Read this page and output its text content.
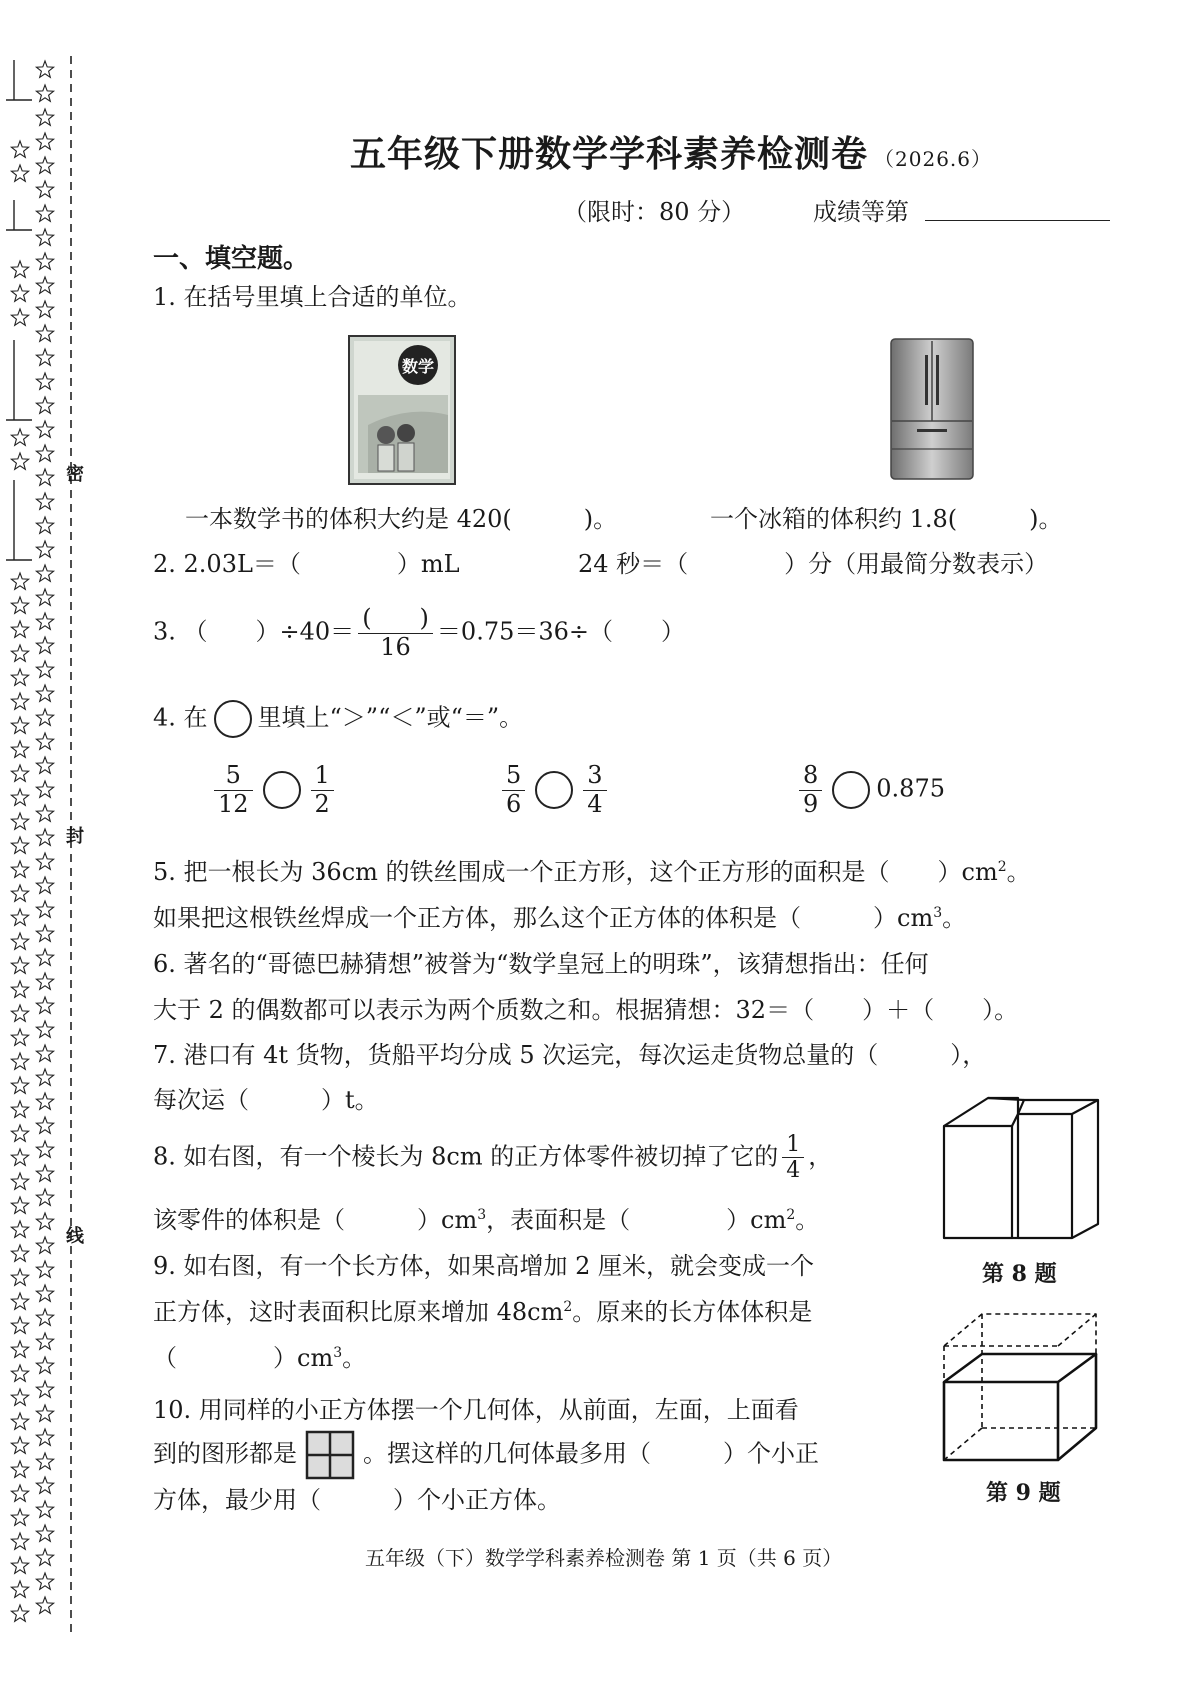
密
封
线
五年级下册数学学科素养检测卷 （2026.6）
（限时：80 分）	成绩等第
一、填空题。
1. 在括号里填上合适的单位。
数学
一本数学书的体积大约是 420(　　　)。	一个冰箱的体积约 1.8(　　　)。
2. 2.03L＝（　　　　）mL	24 秒＝（　　　　）分（用最简分数表示）
3. （　　）$\div 40= \frac{( )}{16} =0.75=36\div$（　　）
4. 在 里填上“＞”“＜”或“＝”。
$\frac{5}{12} \frac{1}{2}$	$\frac{5}{6} \frac{3}{4}$	$\frac{8}{9} 0.875$
5. 把一根长为 36cm 的铁丝围成一个正方形，这个正方形的面积是（　　）$cm^2$。
如果把这根铁丝焊成一个正方体，那么这个正方体的体积是（　　　）$cm^3$。
6. 著名的“哥德巴赫猜想”被誉为“数学皇冠上的明珠”，该猜想指出：任何
大于 2 的偶数都可以表示为两个质数之和。根据猜想：32＝（　　）＋（　　）。
7. 港口有 4t 货物，货船平均分成 5 次运完，每次运走货物总量的（　　　），
每次运（　　　）t。
8. 如右图，有一个棱长为 8cm 的正方体零件被切掉了它的 $\frac{1}{4}$ ，
该零件的体积是（　　　）$cm^3$，表面积是（　　　　）$cm^2$。
第 8 题
9. 如右图，有一个长方体，如果高增加 2 厘米，就会变成一个
正方体，这时表面积比原来增加 $48cm^2$。原来的长方体体积是
（　　　　）$cm^3$。
第 9 题
10. 用同样的小正方体摆一个几何体，从前面，左面，上面看
到的图形都是	。摆这样的几何体最多用（　　　）个小正
方体，最少用（　　　）个小正方体。
五年级（下）数学学科素养检测卷 第 1 页（共 6 页）
